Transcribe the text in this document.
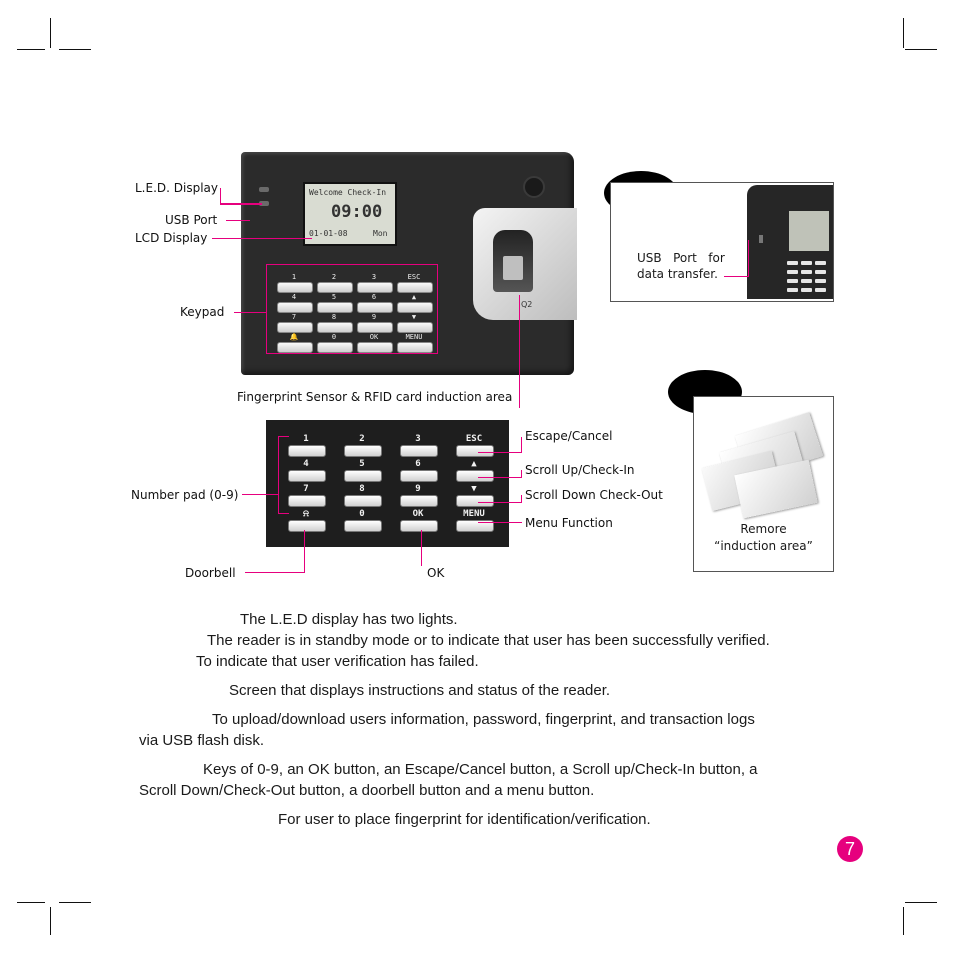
Welcome Check-In
09:00
01-01-08	Mon
Q2
1	2	3	ESC
4	5	6	▲
7	8	9	▼
🔔	0	OK	MENU
L.E.D. Display
USB Port
LCD Display
Keypad
Fingerprint Sensor & RFID card induction area
1	2	3	ESC
4	5	6	▲
7	8	9	▼
⍾	0	OK	MENU
Escape/Cancel
Scroll Up/Check-In
Scroll Down Check-Out
Menu Function
Number pad (0-9)
Doorbell	OK
USB   Port   for
data transfer.
Remore
“induction area”
The L.E.D display has two lights.
The reader is in standby mode or to indicate that user has been successfully verified.
To indicate that user verification has failed.
Screen that displays instructions and status of the reader.
To upload/download users information, password, fingerprint, and transaction logs
via USB flash disk.
Keys of 0-9, an OK button, an Escape/Cancel button, a Scroll up/Check-In button, a
Scroll Down/Check-Out button, a doorbell button and a menu button.
For user to place fingerprint for identification/verification.
7
